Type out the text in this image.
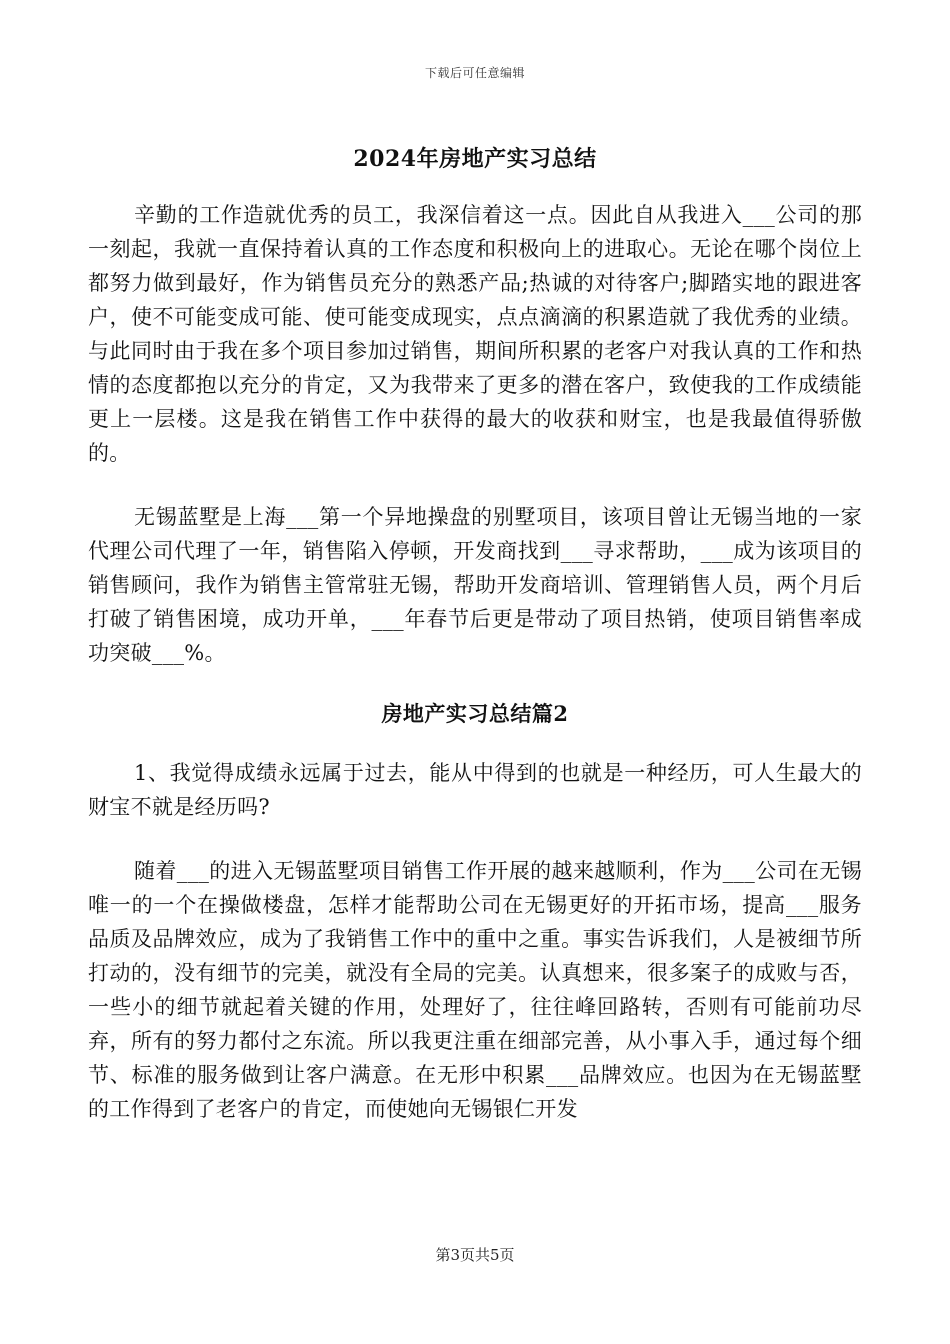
下载后可任意编辑
2024年房地产实习总结

辛勤的工作造就优秀的员工，我深信着这一点。因此自从我进入___公司的那一刻起，我就一直保持着认真的工作态度和积极向上的进取心。无论在哪个岗位上都努力做到最好，作为销售员充分的熟悉产品;热诚的对待客户;脚踏实地的跟进客户，使不可能变成可能、使可能变成现实，点点滴滴的积累造就了我优秀的业绩。与此同时由于我在多个项目参加过销售，期间所积累的老客户对我认真的工作和热情的态度都抱以充分的肯定，又为我带来了更多的潜在客户，致使我的工作成绩能更上一层楼。这是我在销售工作中获得的最大的收获和财宝，也是我最值得骄傲的。

无锡蓝墅是上海___第一个异地操盘的别墅项目，该项目曾让无锡当地的一家代理公司代理了一年，销售陷入停顿，开发商找到___寻求帮助，___成为该项目的销售顾问，我作为销售主管常驻无锡，帮助开发商培训、管理销售人员，两个月后打破了销售困境，成功开单，___年春节后更是带动了项目热销，使项目销售率成功突破___%。

房地产实习总结篇2

1、我觉得成绩永远属于过去，能从中得到的也就是一种经历，可人生最大的财宝不就是经历吗?

随着___的进入无锡蓝墅项目销售工作开展的越来越顺利，作为___公司在无锡唯一的一个在操做楼盘，怎样才能帮助公司在无锡更好的开拓市场，提高___服务品质及品牌效应，成为了我销售工作中的重中之重。事实告诉我们，人是被细节所打动的，没有细节的完美，就没有全局的完美。认真想来，很多案子的成败与否，一些小的细节就起着关键的作用，处理好了，往往峰回路转，否则有可能前功尽弃，所有的努力都付之东流。所以我更注重在细部完善，从小事入手，通过每个细节、标准的服务做到让客户满意。在无形中积累___品牌效应。也因为在无锡蓝墅的工作得到了老客户的肯定，而使她向无锡银仁开发

第3页共5页
